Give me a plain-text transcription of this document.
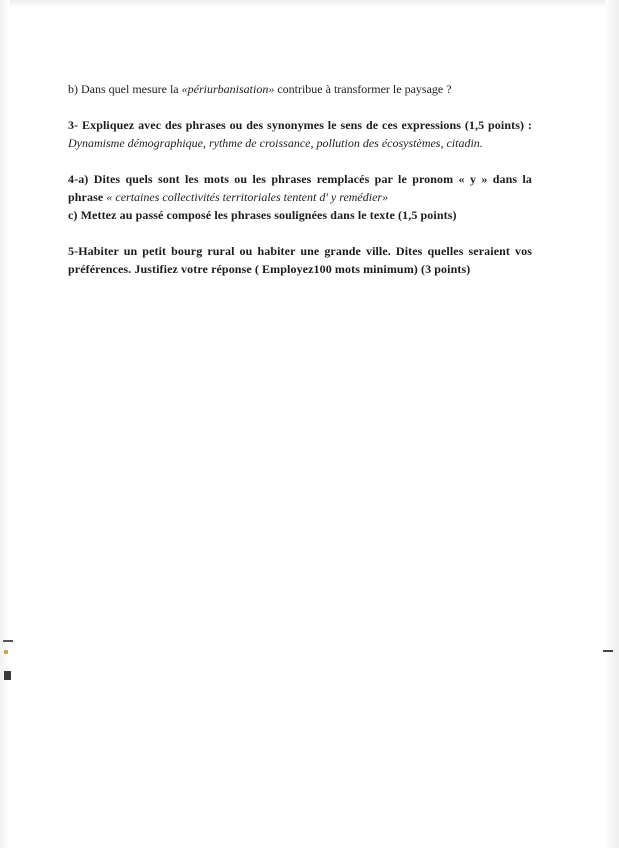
b) Dans quel mesure la «périurbanisation» contribue à transformer le paysage ?

3- Expliquez avec des phrases ou des synonymes le sens de ces expressions (1,5 points) : Dynamisme démographique, rythme de croissance, pollution des écosystèmes, citadin.

4-a) Dites quels sont les mots ou les phrases remplacés par le pronom « y » dans la phrase « certaines collectivités territoriales tentent d' y remédier»

c) Mettez au passé composé les phrases soulignées dans le texte (1,5 points)

5-Habiter un petit bourg rural ou habiter une grande ville. Dites quelles seraient vos préférences. Justifiez votre réponse ( Employez100 mots minimum) (3 points)
